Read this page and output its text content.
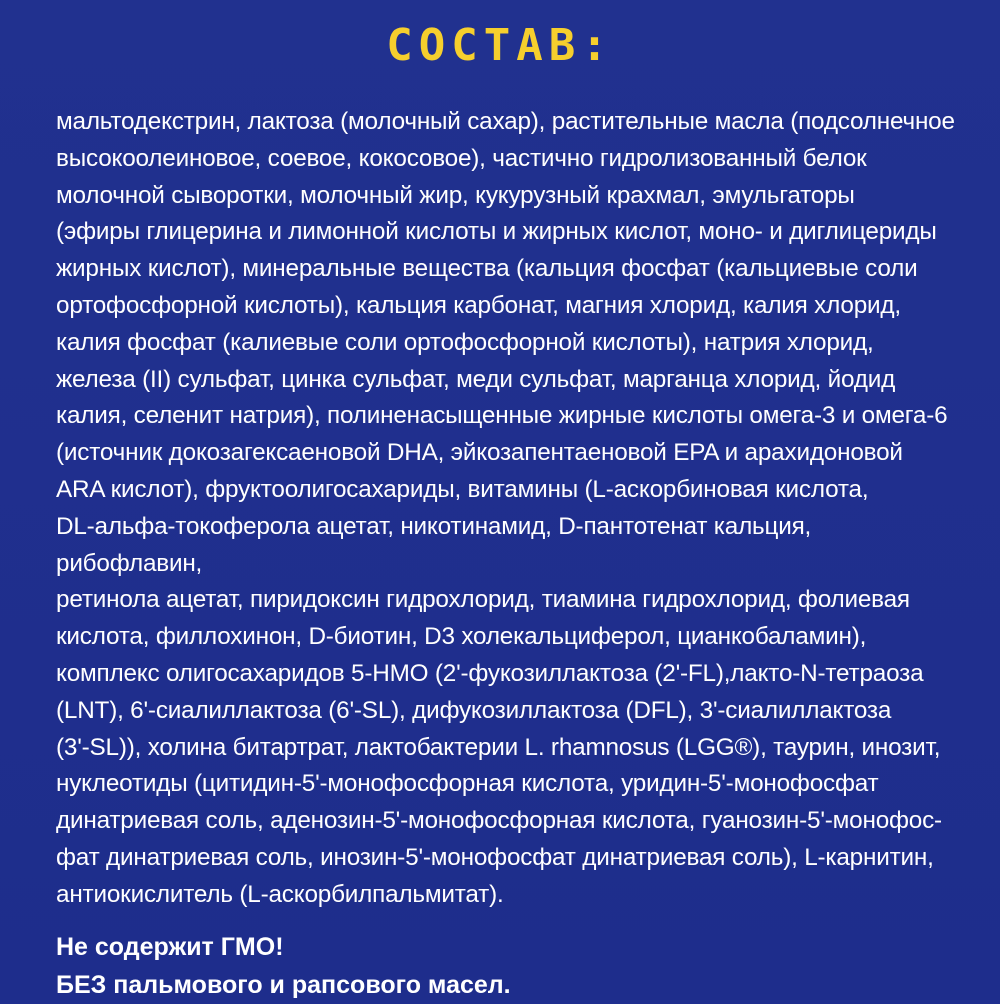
СОСТАВ:

мальтодекстрин, лактоза (молочный сахар), растительные масла (подсолнечное
высокоолеиновое, соевое, кокосовое), частично гидролизованный белок
молочной сыворотки, молочный жир, кукурузный крахмал, эмульгаторы
(эфиры глицерина и лимонной кислоты и жирных кислот, моно- и диглицериды
жирных кислот), минеральные вещества (кальция фосфат (кальциевые соли
ортофосфорной кислоты), кальция карбонат, магния хлорид, калия хлорид,
калия фосфат (калиевые соли ортофосфорной кислоты), натрия хлорид,
железа (II) сульфат, цинка сульфат, меди сульфат, марганца хлорид, йодид
калия, селенит натрия), полиненасыщенные жирные кислоты омега-3 и омега-6
(источник докозагексаеновой DHA, эйкозапентаеновой EPA и арахидоновой
ARA кислот), фруктоолигосахариды, витамины (L-аскорбиновая кислота,
DL-альфа-токоферола ацетат, никотинамид, D-пантотенат кальция, рибофлавин,
ретинола ацетат, пиридоксин гидрохлорид, тиамина гидрохлорид, фолиевая
кислота, филлохинон, D-биотин, D3 холекальциферол, цианкобаламин),
комплекс олигосахаридов 5-HMO (2'-фукозиллактоза (2'-FL),лакто-N-тетраоза
(LNT), 6'-сиалиллактоза (6'-SL), дифукозиллактоза (DFL), 3'-сиалиллактоза
(3'-SL)), холина битартрат, лактобактерии L. rhamnosus (LGG®), таурин, инозит,
нуклеотиды (цитидин-5'-монофосфорная кислота, уридин-5'-монофосфат
динатриевая соль, аденозин-5'-монофосфорная кислота, гуанозин-5'-монофос-
фат динатриевая соль, инозин-5'-монофосфат динатриевая соль), L-карнитин,
антиокислитель (L-аскорбилпальмитат).

Не содержит ГМО!
БЕЗ пальмового и рапсового масел.
